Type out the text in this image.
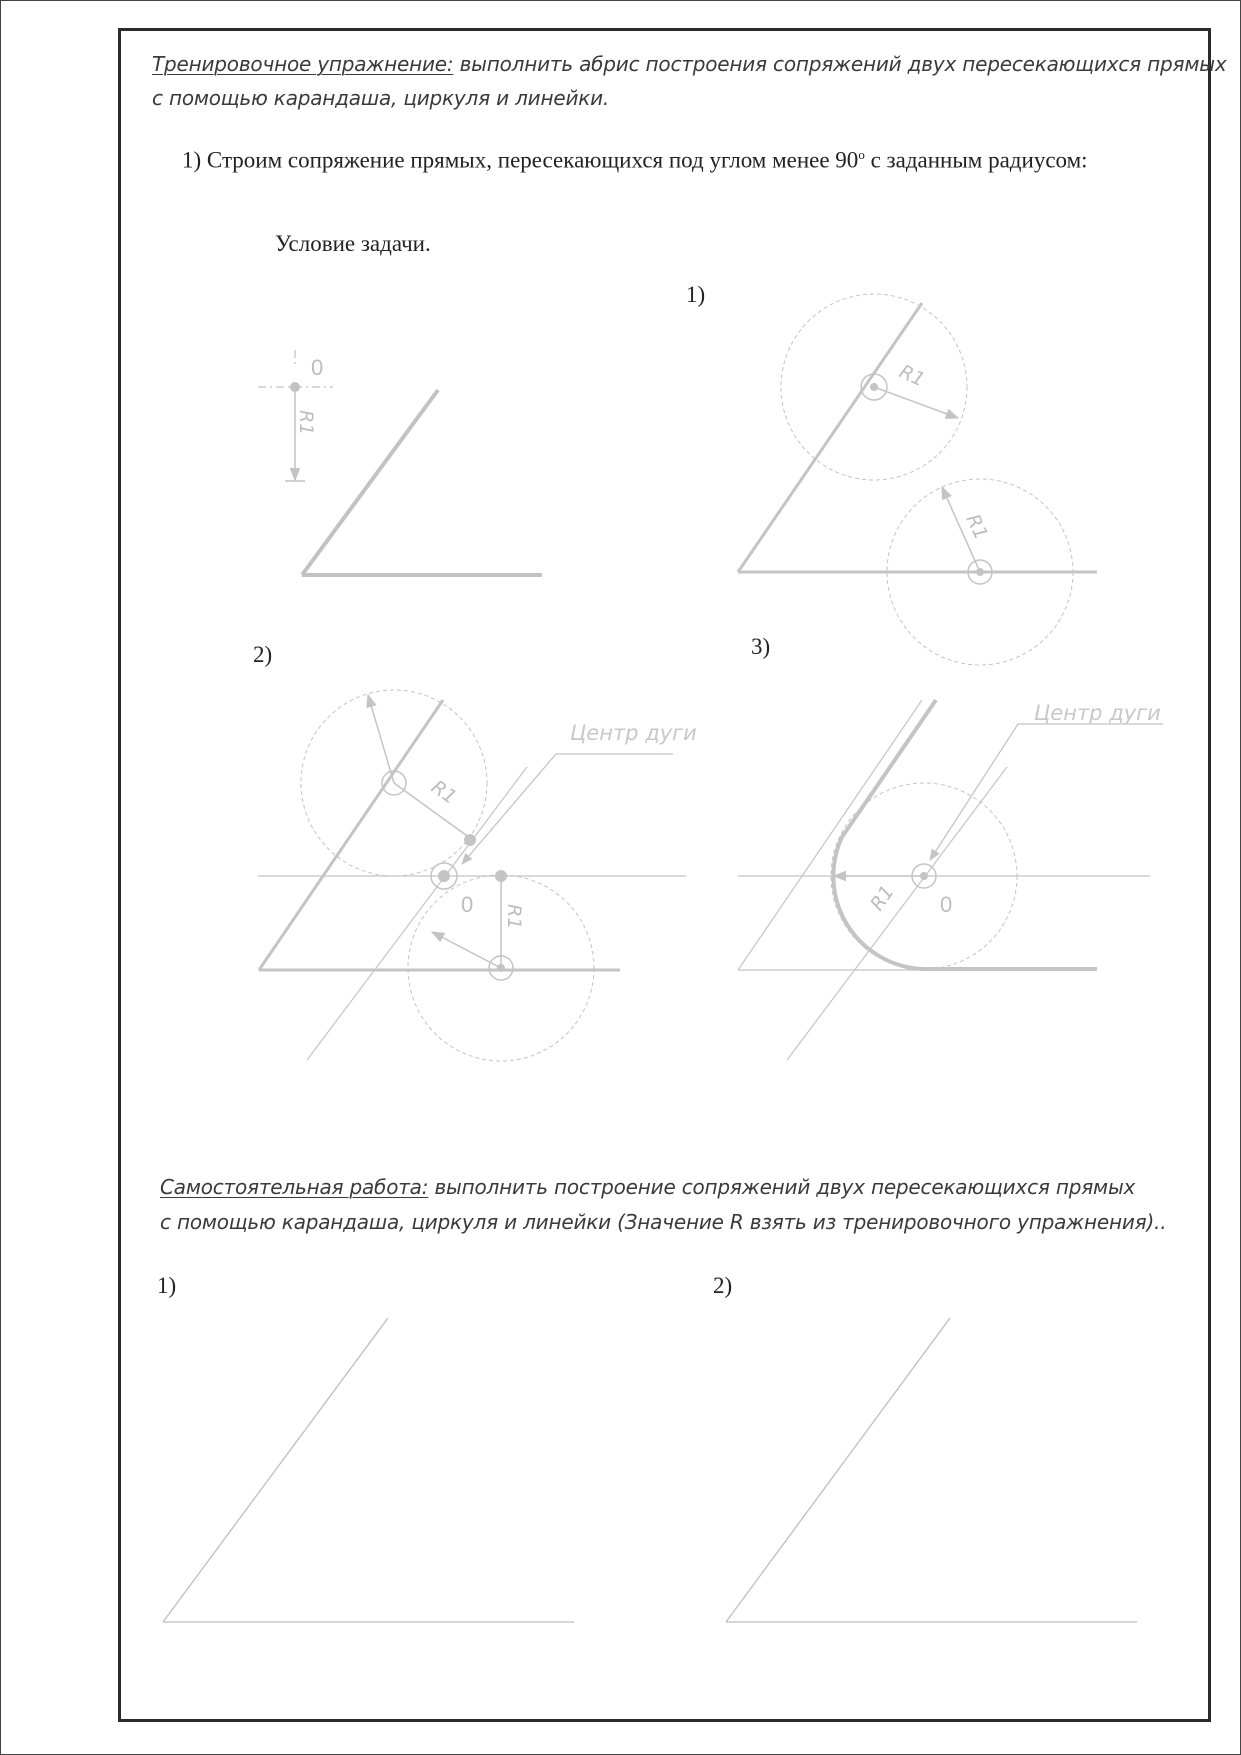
Тренировочное упражнение: выполнить абрис построения сопряжений двух пересекающихся прямых
с помощью карандаша, циркуля и линейки.
1) Строим сопряжение прямых, пересекающихся под углом менее 90$^o$ с заданным радиусом:
Условие задачи.
1)
2)	3)
Самостоятельная работа: выполнить построение сопряжений двух пересекающихся прямых
с помощью карандаша, циркуля и линейки (Значение R взять из тренировочного упражнения)..
1)	2)
0
R1
R1
R1
Центр дуги
R1
R1
0
Центр дуги
R1 0
